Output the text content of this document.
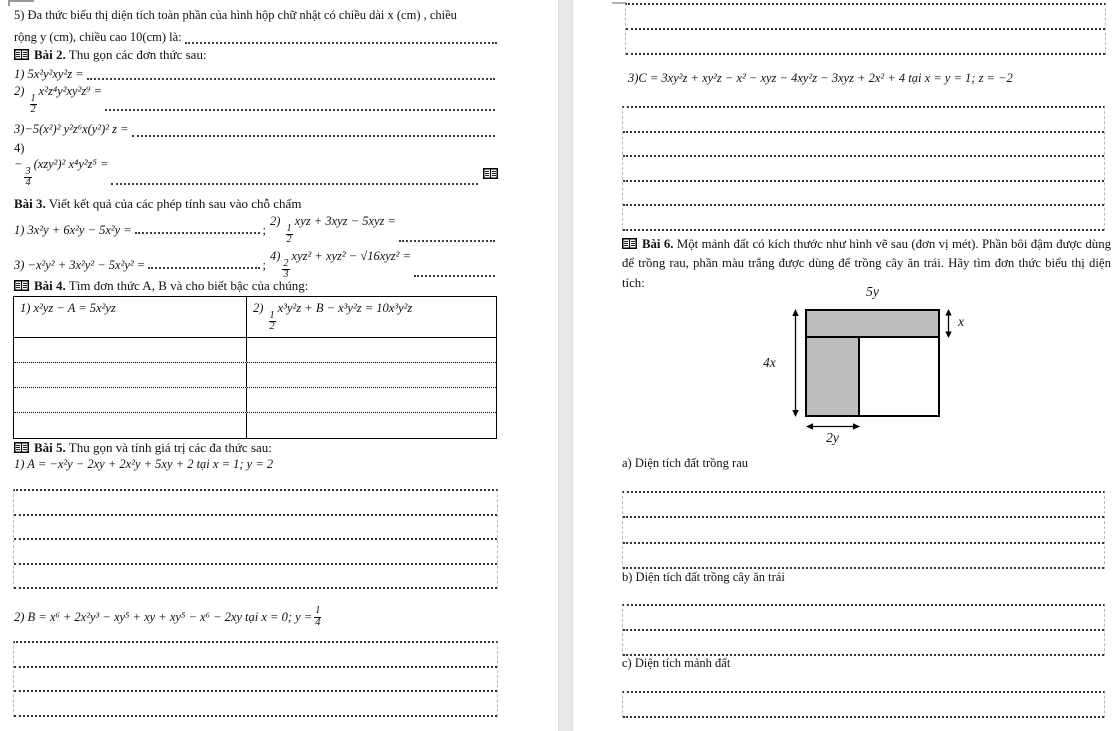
5) Đa thức biểu thị diện tích toàn phần của hình hộp chữ nhật có chiều dài x (cm) , chiều
rộng y (cm), chiều cao 10(cm) là:
Bài 2. Thu gọn các đơn thức sau:
1) 5x²y²xy²z =
2)
$\frac{1}{2}$
x²z⁴y²xy²z⁹ =
3)−5(x²)² y²z⁶x(y²)² z =
4)
−
$\frac{3}{4}$
(xzy²)² x⁴y²z⁵ =
Bài 3. Viết kết quả của các phép tính sau vào chỗ chấm
1) 3x²y + 6x²y − 5x²y =	;
2)
$\frac{1}{2}$
xyz + 3xyz − 5xyz =
3) −x²y² + 3x²y² − 5x²y² =	;
4)
$\frac{2}{3}$
xyz² + xyz² − √16xyz² =
Bài 4. Tìm đơn thức A, B và cho biết bậc của chúng:
1) x²yz − A = 5x²yz	2)
$\frac{1}{2}$
x³y²z + B − x³y²z = 10x³y²z
Bài 5. Thu gọn và tính giá trị các đa thức sau:
1) A = −x²y − 2xy + 2x²y + 5xy + 2 tại x = 1; y = 2
2) B = x⁶ + 2x²y³ − xy⁵ + xy + xy⁵ − x⁶ − 2xy tại x = 0; $y = \frac{1}{4}$
3)C = 3xy²z + xy²z − x² − xyz − 4xy²z − 3xyz + 2x² + 4 tại x = y = 1; z = −2
Bài 6. Một mảnh đất có kích thước như hình vẽ sau (đơn vị mét). Phần bôi đậm được dùng để trồng rau, phần màu trắng được dùng để trồng cây ăn trái. Hãy tìm đơn thức biểu thị diện tích:
5y
4x
x
2y
a) Diện tích đất trồng rau
b) Diện tích đất trồng cây ăn trái
c) Diện tích mảnh đất
